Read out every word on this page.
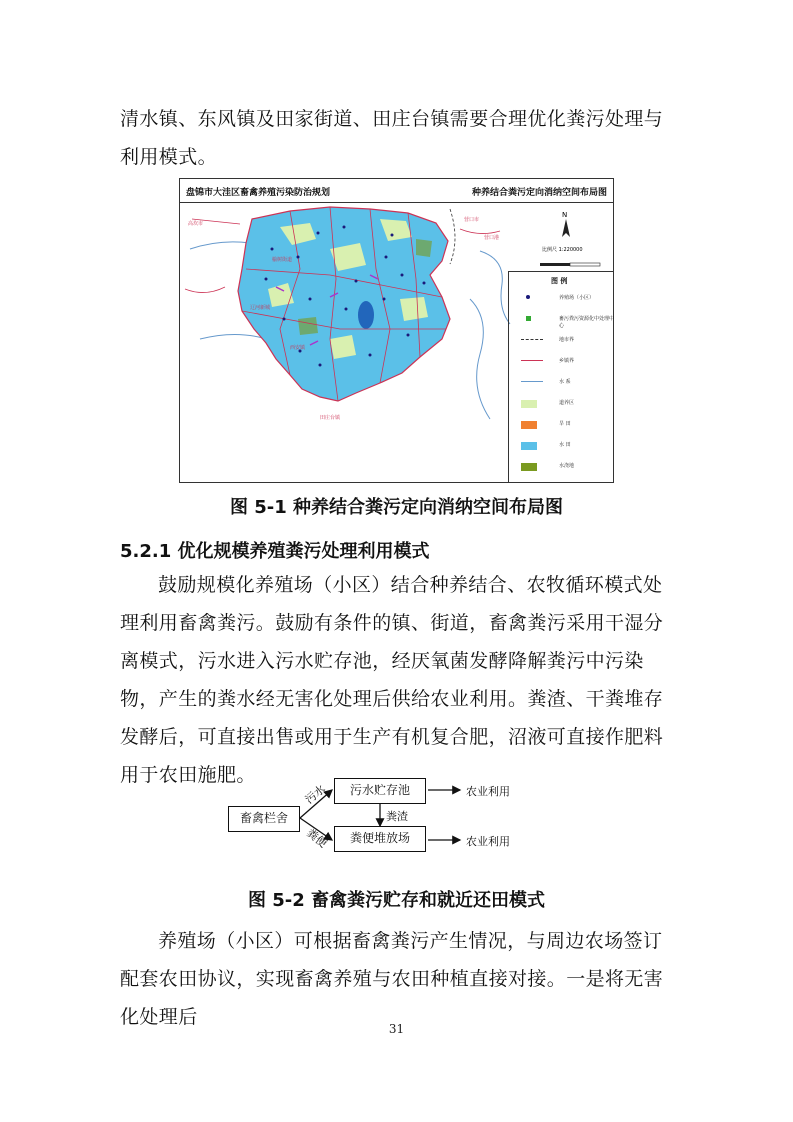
清水镇、东风镇及田家街道、田庄台镇需要合理优化粪污处理与利用模式。

盘锦市大洼区畜禽养殖污染防治规划	种养结合粪污定向消纳空间布局图
N
比例尺 1:220000
高坎市
营口市
辽河新城
西安镇
榆树街道
营口港
田庄台镇
图 例
养殖场（小区）
畜污粪污资源化中处理中心
地市界
乡镇界
水 系
道养区
旱 田
水 田
水浇地
图 5-1 种养结合粪污定向消纳空间布局图
5.2.1 优化规模养殖粪污处理利用模式

鼓励规模化养殖场（小区）结合种养结合、农牧循环模式处理利用畜禽粪污。鼓励有条件的镇、街道，畜禽粪污采用干湿分离模式，污水进入污水贮存池，经厌氧菌发酵降解粪污中污染物，产生的粪水经无害化处理后供给农业利用。粪渣、干粪堆存发酵后，可直接出售或用于生产有机复合肥，沼液可直接作肥料用于农田施肥。

畜禽栏舍
污水贮存池
粪便堆放场
污水
粪便
粪渣
农业利用
农业利用
图 5-2 畜禽粪污贮存和就近还田模式

养殖场（小区）可根据畜禽粪污产生情况，与周边农场签订配套农田协议，实现畜禽养殖与农田种植直接对接。一是将无害化处理后

31
